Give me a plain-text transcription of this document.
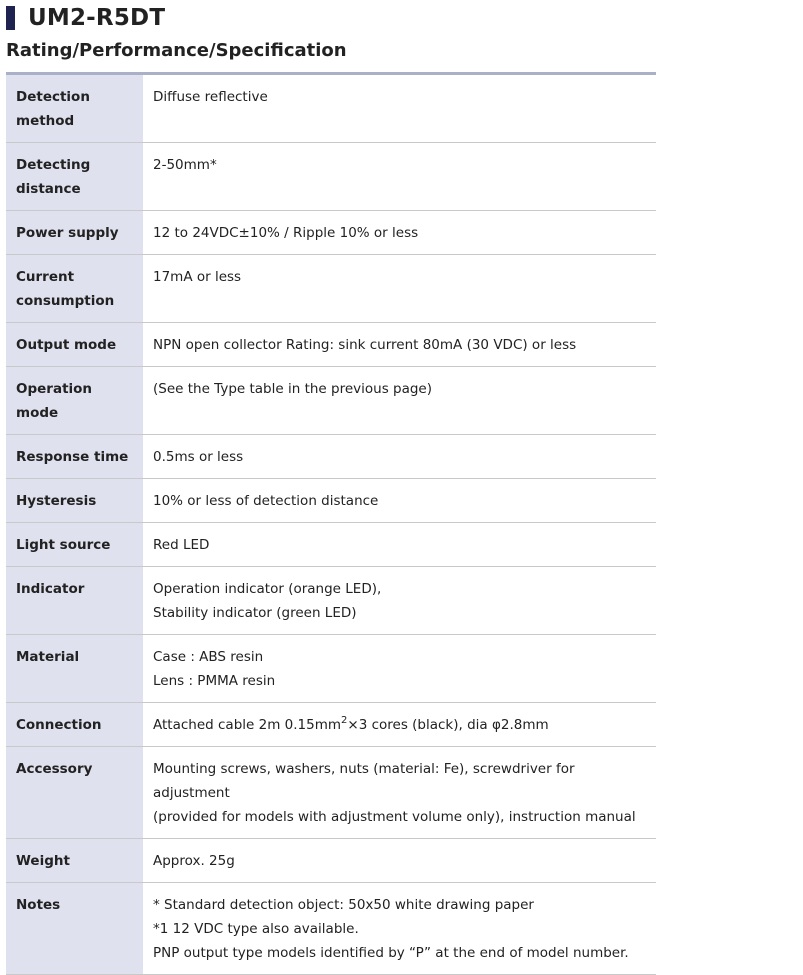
UM2-R5DT
Rating/Performance/Specification
Detection method	Diffuse reflective

Detecting distance	2-50mm*

Power supply	12 to 24VDC±10% / Ripple 10% or less

Current consumption	17mA or less

Output mode	NPN open collector Rating: sink current 80mA (30 VDC) or less

Operation mode	(See the Type table in the previous page)

Response time	0.5ms or less

Hysteresis	10% or less of detection distance

Light source	Red LED

Indicator	Operation indicator (orange LED),
Stability indicator (green LED)

Material	Case : ABS resin
Lens : PMMA resin

Connection	Attached cable 2m $0.15mm^2\times 3$ cores (black), dia φ2.8mm
Accessory	Mounting screws, washers, nuts (material: Fe), screwdriver for adjustment
(provided for models with adjustment volume only), instruction manual

Weight	Approx. 25g

Notes	* Standard detection object: 50x50 white drawing paper
*1 12 VDC type also available.
PNP output type models identified by “P” at the end of model number.
